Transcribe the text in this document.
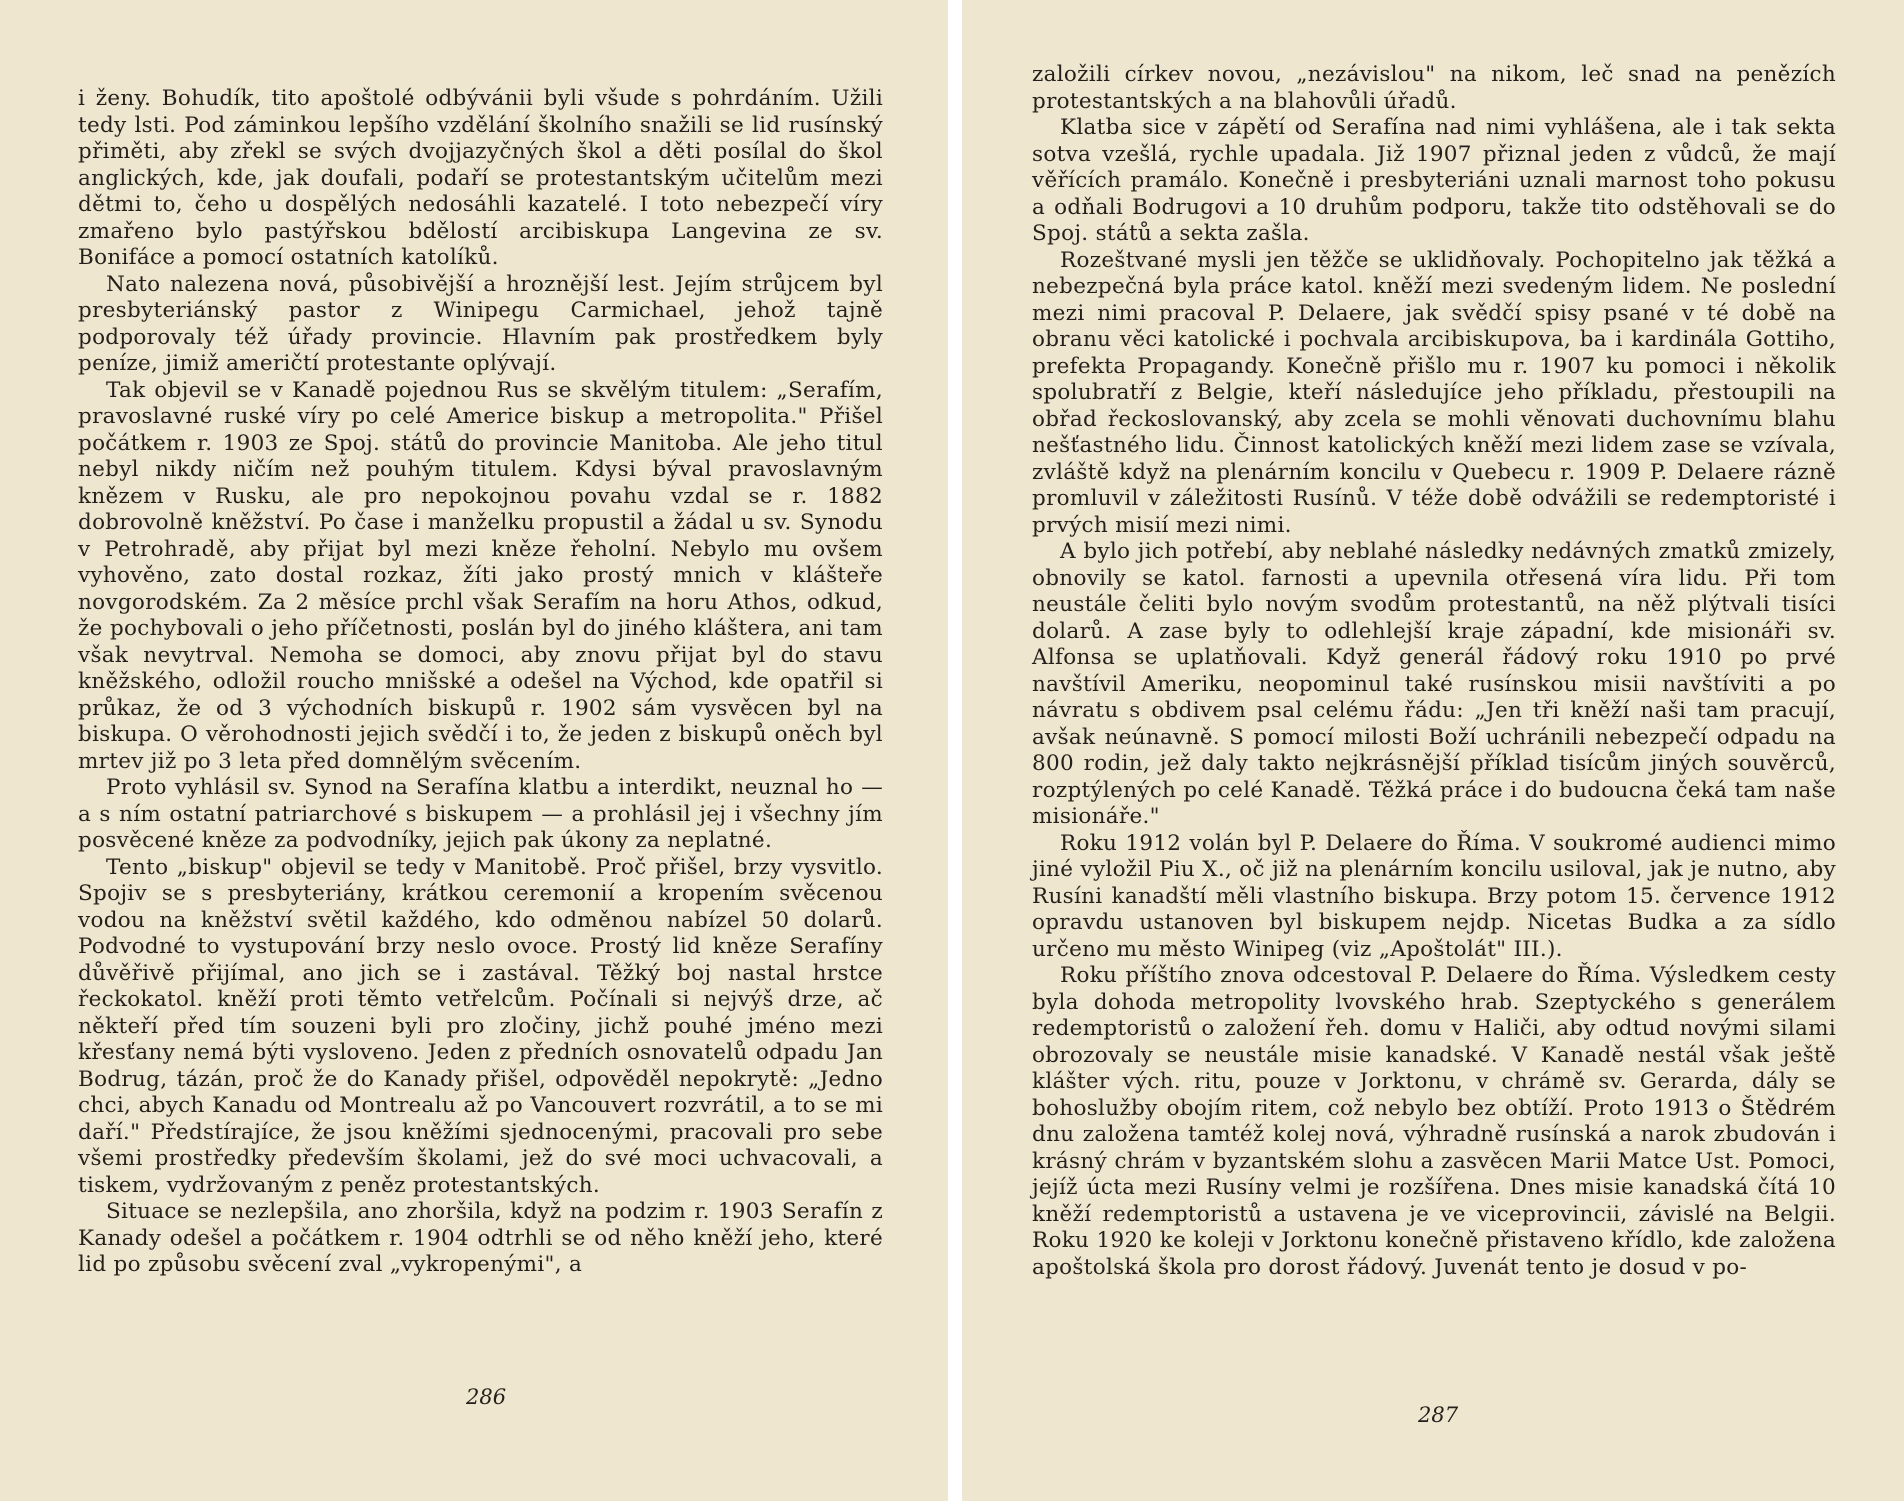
i ženy. Bohudík, tito apoštolé odbývánii byli všude s pohrdáním. Užili tedy lsti. Pod záminkou lepšího vzdělání školního snažili se lid rusínský přiměti, aby zřekl se svých dvojjazyčných škol a děti posílal do škol anglických, kde, jak doufali, podaří se protestantským učitelům mezi dětmi to, čeho u dospělých nedosáhli kazatelé. I toto nebezpečí víry zmařeno bylo pastýřskou bdělostí arcibiskupa Langevina ze sv. Bonifáce a pomocí ostatních katolíků.

Nato nalezena nová, působivější a hroznější lest. Jejím strůjcem byl presbyteriánský pastor z Winipegu Carmichael, jehož tajně podporovaly též úřady provincie. Hlavním pak prostředkem byly peníze, jimiž američtí protestante oplývají.

Tak objevil se v Kanadě pojednou Rus se skvělým titulem: „Serafím, pravoslavné ruské víry po celé Americe biskup a metropolita." Přišel počátkem r. 1903 ze Spoj. států do provincie Manitoba. Ale jeho titul nebyl nikdy ničím než pouhým titulem. Kdysi býval pravoslavným knězem v Rusku, ale pro nepokojnou povahu vzdal se r. 1882 dobrovolně kněžství. Po čase i manželku propustil a žádal u sv. Synodu v Petrohradě, aby přijat byl mezi kněze řeholní. Nebylo mu ovšem vyhověno, zato dostal rozkaz, žíti jako prostý mnich v klášteře novgorodském. Za 2 měsíce prchl však Serafím na horu Athos, odkud, že pochybovali o jeho příčetnosti, poslán byl do jiného kláštera, ani tam však nevytrval. Nemoha se domoci, aby znovu přijat byl do stavu kněžského, odložil roucho mnišské a odešel na Východ, kde opatřil si průkaz, že od 3 východních biskupů r. 1902 sám vysvěcen byl na biskupa. O věrohodnosti jejich svědčí i to, že jeden z biskupů oněch byl mrtev již po 3 leta před domnělým svěcením.

Proto vyhlásil sv. Synod na Serafína klatbu a interdikt, neuznal ho — a s ním ostatní patriarchové s biskupem — a prohlásil jej i všechny jím posvěcené kněze za podvodníky, jejich pak úkony za neplatné.

Tento „biskup" objevil se tedy v Manitobě. Proč přišel, brzy vysvitlo. Spojiv se s presbyteriány, krátkou ceremonií a kropením svěcenou vodou na kněžství světil každého, kdo odměnou nabízel 50 dolarů. Podvodné to vystupování brzy neslo ovoce. Prostý lid kněze Serafíny důvěřivě přijímal, ano jich se i zastával. Těžký boj nastal hrstce řeckokatol. kněží proti těmto vetřelcům. Počínali si nejvýš drze, ač někteří před tím souzeni byli pro zločiny, jichž pouhé jméno mezi křesťany nemá býti vysloveno. Jeden z předních osnovatelů odpadu Jan Bodrug, tázán, proč že do Kanady přišel, odpověděl nepokrytě: „Jedno chci, abych Kanadu od Montrealu až po Vancouvert rozvrátil, a to se mi daří." Předstírajíce, že jsou kněžími sjednocenými, pracovali pro sebe všemi prostředky především školami, jež do své moci uchvacovali, a tiskem, vydržovaným z peněz protestantských.

Situace se nezlepšila, ano zhoršila, když na podzim r. 1903 Serafín z Kanady odešel a počátkem r. 1904 odtrhli se od něho kněží jeho, které lid po způsobu svěcení zval „vykropenými", a

286

založili církev novou, „nezávislou" na nikom, leč snad na penězích protestantských a na blahovůli úřadů.

Klatba sice v zápětí od Serafína nad nimi vyhlášena, ale i tak sekta sotva vzešlá, rychle upadala. Již 1907 přiznal jeden z vůdců, že mají věřících pramálo. Konečně i presbyteriáni uznali marnost toho pokusu a odňali Bodrugovi a 10 druhům podporu, takže tito odstěhovali se do Spoj. států a sekta zašla.

Rozeštvané mysli jen těžče se uklidňovaly. Pochopitelno jak těžká a nebezpečná byla práce katol. kněží mezi svedeným lidem. Ne poslední mezi nimi pracoval P. Delaere, jak svědčí spisy psané v té době na obranu věci katolické i pochvala arcibiskupova, ba i kardinála Gottiho, prefekta Propagandy. Konečně přišlo mu r. 1907 ku pomoci i několik spolubratří z Belgie, kteří následujíce jeho příkladu, přestoupili na obřad řeckoslovanský, aby zcela se mohli věnovati duchovnímu blahu nešťastného lidu. Činnost katolických kněží mezi lidem zase se vzívala, zvláště když na plenárním koncilu v Quebecu r. 1909 P. Delaere rázně promluvil v záležitosti Rusínů. V téže době odvážili se redemptoristé i prvých misií mezi nimi.

A bylo jich potřebí, aby neblahé následky nedávných zmatků zmizely, obnovily se katol. farnosti a upevnila otřesená víra lidu. Při tom neustále čeliti bylo novým svodům protestantů, na něž plýtvali tisíci dolarů. A zase byly to odlehlejší kraje západní, kde misionáři sv. Alfonsa se uplatňovali. Když generál řádový roku 1910 po prvé navštívil Ameriku, neopominul také rusínskou misii navštíviti a po návratu s obdivem psal celému řádu: „Jen tři kněží naši tam pracují, avšak neúnavně. S pomocí milosti Boží uchránili nebezpečí odpadu na 800 rodin, jež daly takto nejkrásnější příklad tisícům jiných souvěrců, rozptýlených po celé Kanadě. Těžká práce i do budoucna čeká tam naše misionáře."

Roku 1912 volán byl P. Delaere do Říma. V soukromé audienci mimo jiné vyložil Piu X., oč již na plenárním koncilu usiloval, jak je nutno, aby Rusíni kanadští měli vlastního biskupa. Brzy potom 15. července 1912 opravdu ustanoven byl biskupem nejdp. Nicetas Budka a za sídlo určeno mu město Winipeg (viz „Apoštolát" III.).

Roku příštího znova odcestoval P. Delaere do Říma. Výsledkem cesty byla dohoda metropolity lvovského hrab. Szeptyckého s generálem redemptoristů o založení řeh. domu v Haliči, aby odtud novými silami obrozovaly se neustále misie kanadské. V Kanadě nestál však ještě klášter vých. ritu, pouze v Jorktonu, v chrámě sv. Gerarda, dály se bohoslužby obojím ritem, což nebylo bez obtíží. Proto 1913 o Štědrém dnu založena tamtéž kolej nová, výhradně rusínská a narok zbudován i krásný chrám v byzantském slohu a zasvěcen Marii Matce Ust. Pomoci, jejíž úcta mezi Rusíny velmi je rozšířena. Dnes misie kanadská čítá 10 kněží redemptoristů a ustavena je ve viceprovincii, závislé na Belgii. Roku 1920 ke koleji v Jorktonu konečně přistaveno křídlo, kde založena apoštolská škola pro dorost řádový. Juvenát tento je dosud v po-

287
